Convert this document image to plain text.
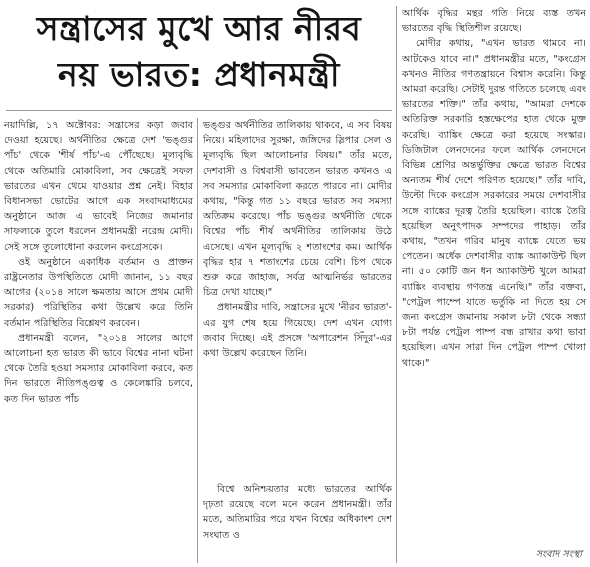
সন্ত্রাসের মুখে আর নীরব
নয় ভারত: প্রধানমন্ত্রী

নয়াদিল্লি, ১৭ অক্টোবর: সন্ত্রাসের কড়া জবাব দেওয়া হয়েছে। অর্থনীতির ক্ষেত্রে দেশ 'ভঙ্গুর পাঁচ' থেকে 'শীর্ষ পাঁচ'-এ পৌঁছেছে। মূল্যবৃদ্ধি থেকে অতিমারি মোকাবিলা, সব ক্ষেত্রেই সফল ভারতের এখন থেমে যাওয়ার প্রশ্ন নেই। বিহার বিধানসভা ভোটের আগে এক সংবাদমাধ্যমের অনুষ্ঠানে আজ এ ভাবেই নিজের জমানার সাফল্যকে তুলে ধরলেন প্রধানমন্ত্রী নরেন্দ্র মোদী। সেই সঙ্গে তুলোধোনা করলেন কংগ্রেসকে।

ওই অনুষ্ঠানে একাধিক বর্তমান ও প্রাক্তন রাষ্ট্রনেতার উপস্থিতিতে মোদী জানান, ১১ বছর আগের (২০১৪ সালে ক্ষমতায় আসে প্রথম মোদী সরকার) পরিস্থিতির কথা উল্লেখ করে তিনি বর্তমান পরিস্থিতির বিশ্লেষণ করবেন।

প্রধানমন্ত্রী বলেন, "২০১৪ সালের আগে আলোচনা হত ভারত কী ভাবে বিশ্বের নানা ঘটনা থেকে তৈরি হওয়া সমস্যার মোকাবিলা করবে, কত দিন ভারতে নীতিপঙ্গুত্ব ও কেলেঙ্কারি চলবে, কত দিন ভারত পাঁচ

ভঙ্গুর অর্থনীতির তালিকায় থাকবে, এ সব বিষয় নিয়ে। মহিলাদের সুরক্ষা, জঙ্গিদের স্লিপার সেল ও মূল্যবৃদ্ধি ছিল আলোচনার বিষয়।" তাঁর মতে, দেশবাসী ও বিশ্ববাসী ভাবতেন ভারত কখনও এ সব সমস্যার মোকাবিলা করতে পারবে না। মোদীর কথায়, "কিন্তু গত ১১ বছরে ভারত সব সমস্যা অতিক্রম করেছে। পাঁচ ভঙ্গুর অর্থনীতি থেকে বিশ্বের পাঁচ শীর্ষ অর্থনীতির তালিকায় উঠে এসেছে। এখন মূল্যবৃদ্ধি ২ শতাংশের কম। আর্থিক বৃদ্ধির হার ৭ শতাংশের চেয়ে বেশি। চিপ থেকে শুরু করে জাহাজ, সর্বত্র আত্মনির্ভর ভারতের চিত্র দেখা যাচ্ছে।"

প্রধানমন্ত্রীর দাবি, সন্ত্রাসের মুখে 'নীরব ভারত'-এর যুগ শেষ হয়ে গিয়েছে। দেশ এখন যোগ্য জবাব দিচ্ছে। এই প্রসঙ্গে 'অপারেশন সিঁদুর'-এর কথা উল্লেখ করেছেন তিনি।

বিশ্বে অনিশ্চয়তার মধ্যে ভারতের আর্থিক দৃঢ়তা রয়েছে বলে মনে করেন প্রধানমন্ত্রী। তাঁর মতে, অতিমারির পরে যখন বিশ্বের অধিকাংশ দেশ সংঘাত ও

আর্থিক বৃদ্ধির মন্থর গতি নিয়ে ব্যস্ত তখন ভারতের বৃদ্ধি স্থিতিশীল রয়েছে।

মোদীর কথায়, "এখন ভারত থামবে না। আটকেও যাবে না।" প্রধানমন্ত্রীর মতে, "কংগ্রেস কখনও নীতির গণতন্ত্রায়নে বিশ্বাস করেনি। কিন্তু আমরা করেছি। সেটাই দুরন্ত গতিতে চলেছে এবং ভারতের শক্তি।" তাঁর কথায়, "আমরা দেশকে অতিরিক্ত সরকারি হস্তক্ষেপের হাত থেকে মুক্ত করেছি। ব্যাঙ্কিং ক্ষেত্রে করা হয়েছে সংস্কার। ডিজিটাল লেনদেনের ফলে আর্থিক লেনদেনে বিভিন্ন শ্রেণির অন্তর্ভুক্তির ক্ষেত্রে ভারত বিশ্বের অন্যতম শীর্ষ দেশে পরিণত হয়েছে।" তাঁর দাবি, উল্টো দিকে কংগ্রেস সরকারের সময়ে দেশবাসীর সঙ্গে ব্যাঙ্কের দূরত্ব তৈরি হয়েছিল। ব্যাঙ্কে তৈরি হয়েছিল অনুৎপাদক সম্পদের পাহাড়। তাঁর কথায়, "তখন গরিব মানুষ ব্যাঙ্কে যেতে ভয় পেতেন। অর্ধেক দেশবাসীর ব্যাঙ্ক অ্যাকাউন্ট ছিল না। ৫০ কোটি জন ধন অ্যাকাউন্ট খুলে আমরা ব্যাঙ্কিং ব্যবস্থায় গণতন্ত্র এনেছি।" তাঁর বক্তব্য, "পেট্রল পাম্পে যাতে ভর্তুকি না দিতে হয় সে জন্য কংগ্রেস জমানায় সকাল ৮টা থেকে সন্ধ্যা ৮টা পর্যন্ত পেট্রল পাম্প বন্ধ রাখার কথা ভাবা হয়েছিল। এখন সারা দিন পেট্রল পাম্প খোলা থাকে।"

সংবাদ সংস্থা
